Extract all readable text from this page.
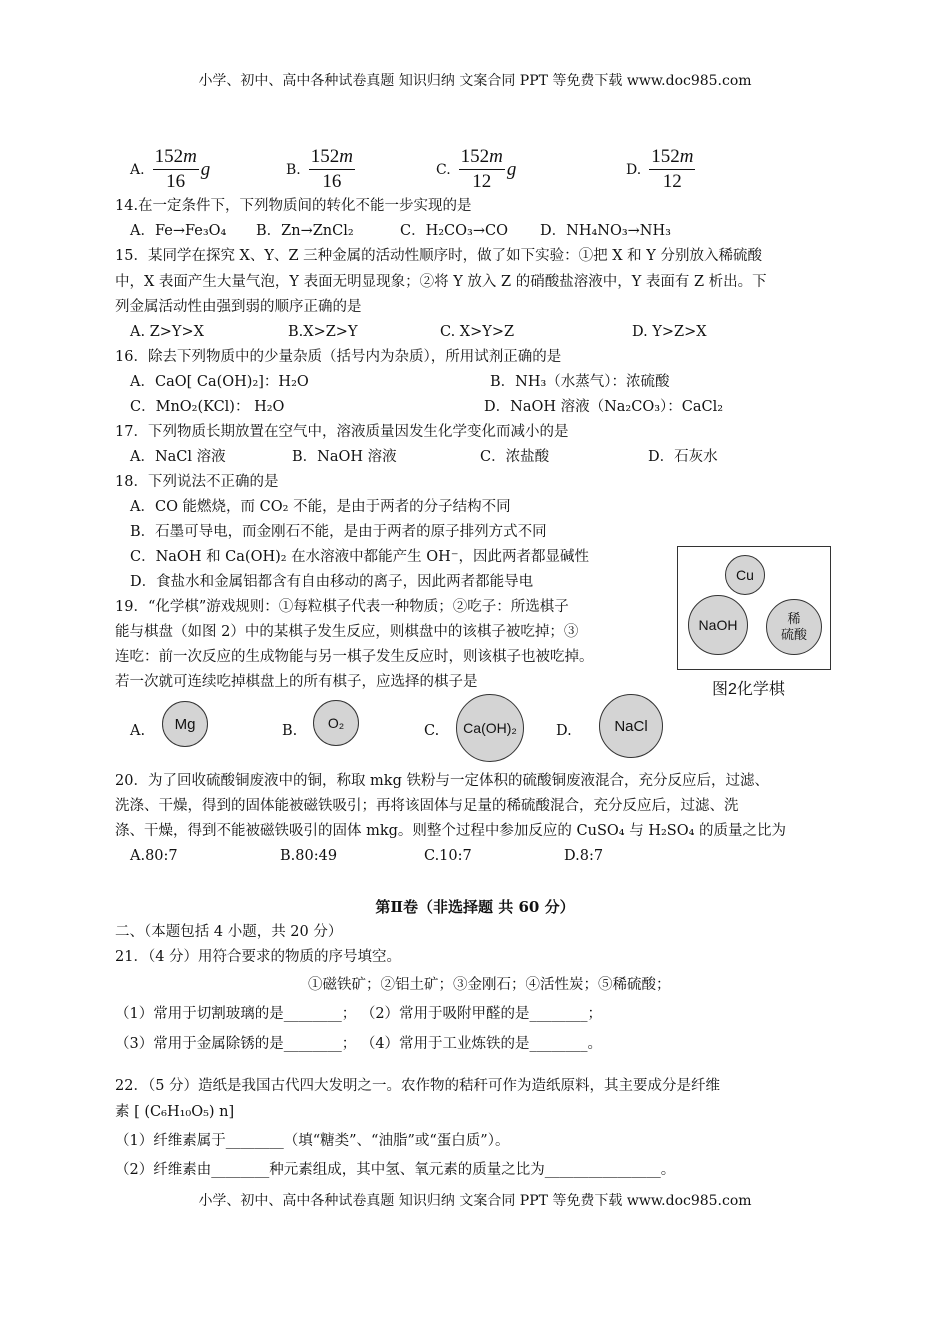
小学、初中、高中各种试卷真题 知识归纳 文案合同 PPT 等免费下载 www.doc985.com
A. $\frac{152m}{16}$ g	B. $\frac{152m}{16}$	C. $\frac{152m}{12}$ g	D. $\frac{152m}{12}$
14.在一定条件下，下列物质间的转化不能一步实现的是
A．Fe→Fe₃O₄ B．Zn→ZnCl₂	C．H₂CO₃→CO D．NH₄NO₃→NH₃
15．某同学在探究 X、Y、Z 三种金属的活动性顺序时，做了如下实验：①把 X 和 Y 分别放入稀硫酸
中，X 表面产生大量气泡，Y 表面无明显现象；②将 Y 放入 Z 的硝酸盐溶液中，Y 表面有 Z 析出。下
列金属活动性由强到弱的顺序正确的是
A. Z>Y>X	B.X>Z>Y	C. X>Y>Z	D. Y>Z>X
16．除去下列物质中的少量杂质（括号内为杂质），所用试剂正确的是
A．CaO[ Ca(OH)₂]：H₂O	B．NH₃（水蒸气）：浓硫酸
C．MnO₂(KCl)： H₂O	D．NaOH 溶液（Na₂CO₃）：CaCl₂
17．下列物质长期放置在空气中，溶液质量因发生化学变化而减小的是
A．NaCl 溶液	B．NaOH 溶液	C．浓盐酸	D．石灰水
18．下列说法不正确的是
A．CO 能燃烧，而 CO₂ 不能，是由于两者的分子结构不同
B．石墨可导电，而金刚石不能，是由于两者的原子排列方式不同
C．NaOH 和 Ca(OH)₂ 在水溶液中都能产生 OH⁻，因此两者都显碱性
D．食盐水和金属铝都含有自由移动的离子，因此两者都能导电	Cu
NaOH	稀
硫酸
图2化学棋
19．“化学棋”游戏规则：①每粒棋子代表一种物质；②吃子：所选棋子
能与棋盘（如图 2）中的某棋子发生反应，则棋盘中的该棋子被吃掉；③
连吃：前一次反应的生成物能与另一棋子发生反应时，则该棋子也被吃掉。
若一次就可连续吃掉棋盘上的所有棋子，应选择的棋子是
A.	Mg	B.	O₂	C.	Ca(OH)₂	D.	NaCl
20．为了回收硫酸铜废液中的铜，称取 mkg 铁粉与一定体积的硫酸铜废液混合，充分反应后，过滤、
洗涤、干燥，得到的固体能被磁铁吸引；再将该固体与足量的稀硫酸混合，充分反应后，过滤、洗
涤、干燥，得到不能被磁铁吸引的固体 mkg。则整个过程中参加反应的 CuSO₄ 与 H₂SO₄ 的质量之比为
A.80:7	B.80:49	C.10:7	D.8:7
第Ⅱ卷（非选择题 共 60 分）
二、（本题包括 4 小题，共 20 分）
21．（4 分）用符合要求的物质的序号填空。
①磁铁矿；②铝土矿；③金刚石；④活性炭；⑤稀硫酸；
（1）常用于切割玻璃的是________； （2）常用于吸附甲醛的是________；
（3）常用于金属除锈的是________； （4）常用于工业炼铁的是________。
22．（5 分）造纸是我国古代四大发明之一。农作物的秸秆可作为造纸原料，其主要成分是纤维
素 [ (C₆H₁₀O₅) n]
（1）纤维素属于________（填“糖类”、“油脂”或“蛋白质”）。
（2）纤维素由________种元素组成，其中氢、氧元素的质量之比为________________。
小学、初中、高中各种试卷真题 知识归纳 文案合同 PPT 等免费下载 www.doc985.com
